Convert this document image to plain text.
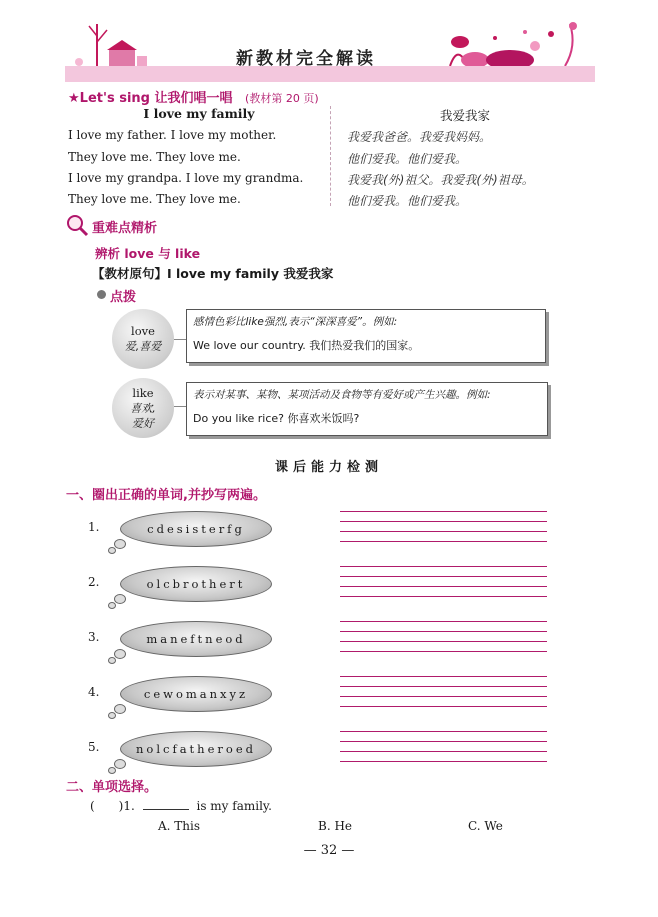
新教材完全解读
★Let's sing 让我们唱一唱 (教材第 20 页)
I love my family	我爱我家
I love my father. I love my mother.
They love me. They love me.
I love my grandpa. I love my grandma.
They love me. They love me.
我爱我爸爸。我爱我妈妈。
他们爱我。他们爱我。
我爱我(外)祖父。我爱我(外)祖母。
他们爱我。他们爱我。
重难点精析
辨析 love 与 like
【教材原句】I love my family 我爱我家
点拨
love
爱,喜爱
感情色彩比like强烈,表示“深深喜爱”。例如:
We love our country. 我们热爱我们的国家。
like
喜欢,
爱好
表示对某事、某物、某项活动及食物等有爱好或产生兴趣。例如:
Do you like rice? 你喜欢米饭吗?
课后能力检测
一、圈出正确的单词,并抄写两遍。
1.	cdesisterfg
2.	olcbrothert
3.	maneftneod
4.	cewomanxyz
5.	nolcfatheroed
二、单项选择。
(　　)1.	is my family.
A. This	B. He	C. We
— 32 —
